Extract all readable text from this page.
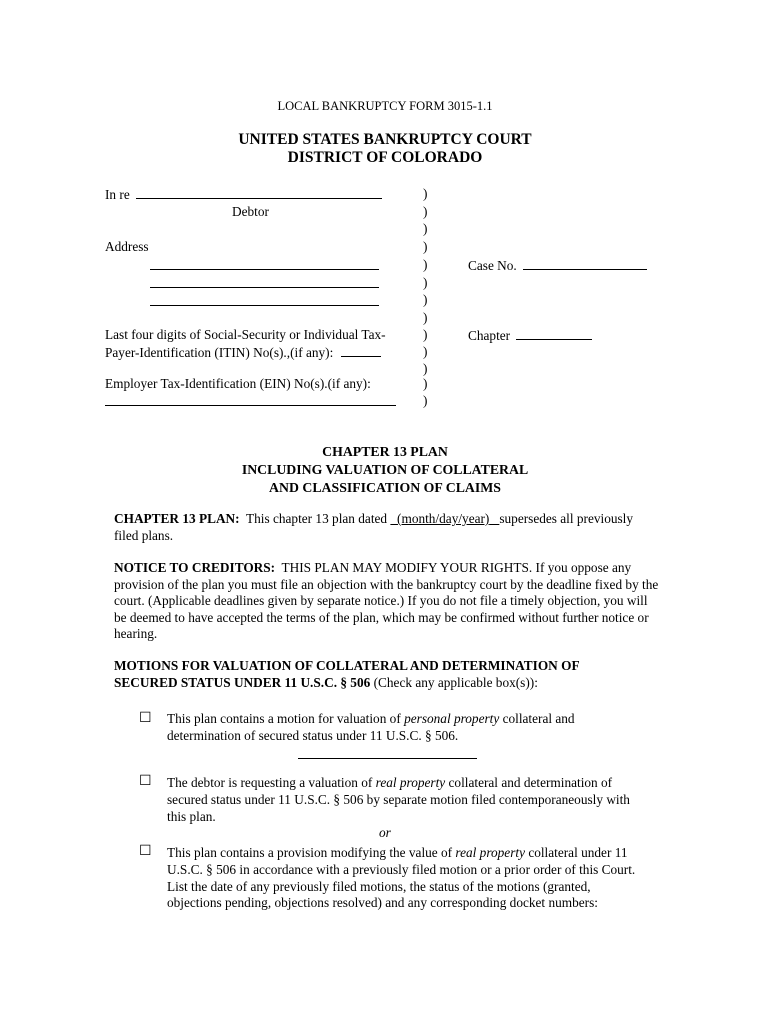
LOCAL BANKRUPTCY FORM 3015-1.1
UNITED STATES BANKRUPTCY COURT
DISTRICT OF COLORADO
In re
Debtor
Address
Last four digits of Social-Security or Individual Tax-
Payer-Identification (ITIN) No(s).,(if any):
Employer Tax-Identification (EIN) No(s).(if any):
)
)
)
)
)
)
)
)
)
)
)
)
)
Case No.
Chapter
CHAPTER 13 PLAN
INCLUDING VALUATION OF COLLATERAL
AND CLASSIFICATION OF CLAIMS
CHAPTER 13 PLAN: This chapter 13 plan dated (month/day/year) supersedes all previously filed plans.
NOTICE TO CREDITORS: THIS PLAN MAY MODIFY YOUR RIGHTS. If you oppose any provision of the plan you must file an objection with the bankruptcy court by the deadline fixed by the court. (Applicable deadlines given by separate notice.) If you do not file a timely objection, you will be deemed to have accepted the terms of the plan, which may be confirmed without further notice or hearing.
MOTIONS FOR VALUATION OF COLLATERAL AND DETERMINATION OF
SECURED STATUS UNDER 11 U.S.C. § 506 (Check any applicable box(s)):
☐ This plan contains a motion for valuation of personal property collateral and
determination of secured status under 11 U.S.C. § 506.
☐ The debtor is requesting a valuation of real property collateral and determination of
secured status under 11 U.S.C. § 506 by separate motion filed contemporaneously with
this plan.
or
☐ This plan contains a provision modifying the value of real property collateral under 11
U.S.C. § 506 in accordance with a previously filed motion or a prior order of this Court.
List the date of any previously filed motions, the status of the motions (granted,
objections pending, objections resolved) and any corresponding docket numbers:
